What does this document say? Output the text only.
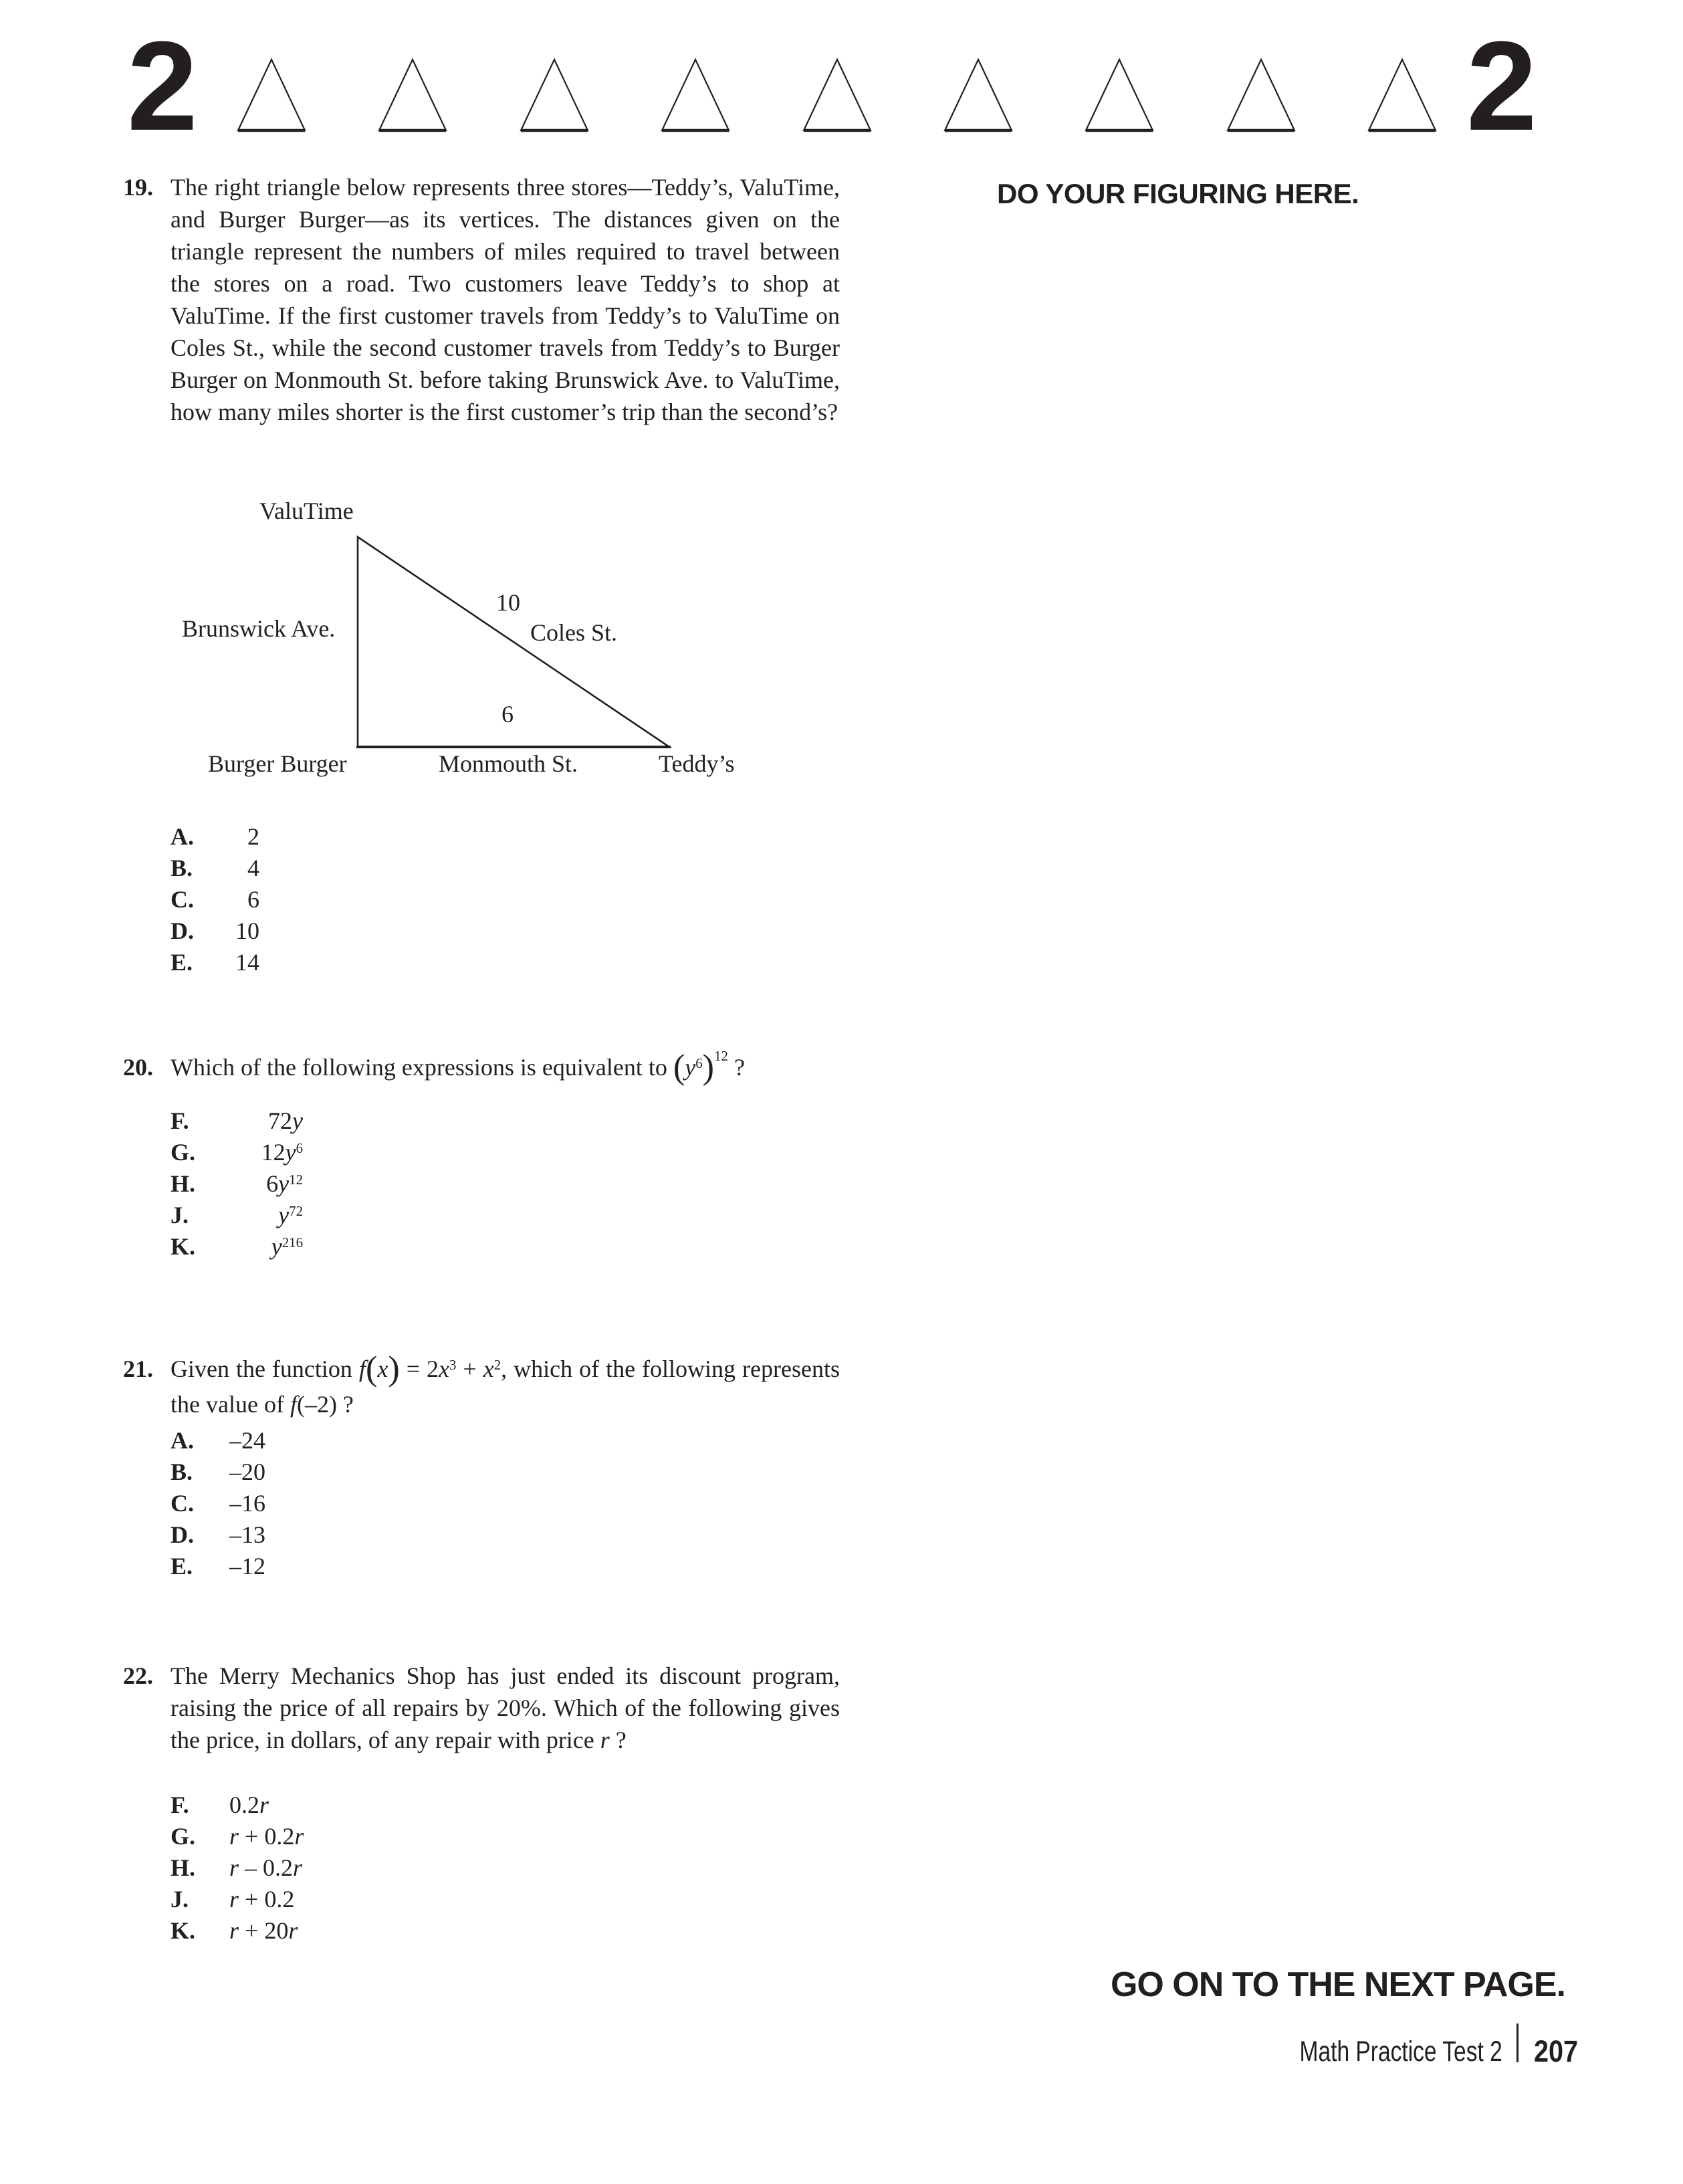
2	2
DO YOUR FIGURING HERE.
19. The right triangle below represents three stores—Teddy’s, ValuTime, and Burger Burger—as its vertices. The distances given on the triangle represent the numbers of miles required to travel between the stores on a road. Two customers leave Teddy’s to shop at ValuTime. If the first customer travels from Teddy’s to ValuTime on Coles St., while the second customer travels from Teddy’s to Burger Burger on Monmouth St. before taking Brunswick Ave. to ValuTime, how many miles shorter is the first customer’s trip than the second’s?
ValuTime
Brunswick Ave.
10
Coles St.
6
Burger Burger	Monmouth St.	Teddy’s
A.	2
B.	4
C.	6
D.	10
E.	14
20. Which of the following expressions is equivalent to $(y^6)^{12}$ ?
F.	72y
G.	$12y^6$
H.	$6y^{12}$
J.	$y^{72}$
K.	$y^{216}$
21. Given the function $f(x) = 2x^3 + x^2$, which of the following represents the value of f(–2) ?
A.	–24
B.	–20
C.	–16
D.	–13
E.	–12
22. The Merry Mechanics Shop has just ended its discount program, raising the price of all repairs by 20%. Which of the following gives the price, in dollars, of any repair with price r ?
F.	0.2r
G.	r + 0.2r
H.	r – 0.2r
J.	r + 0.2
K.	r + 20r
GO ON TO THE NEXT PAGE.
Math Practice Test 2 207
